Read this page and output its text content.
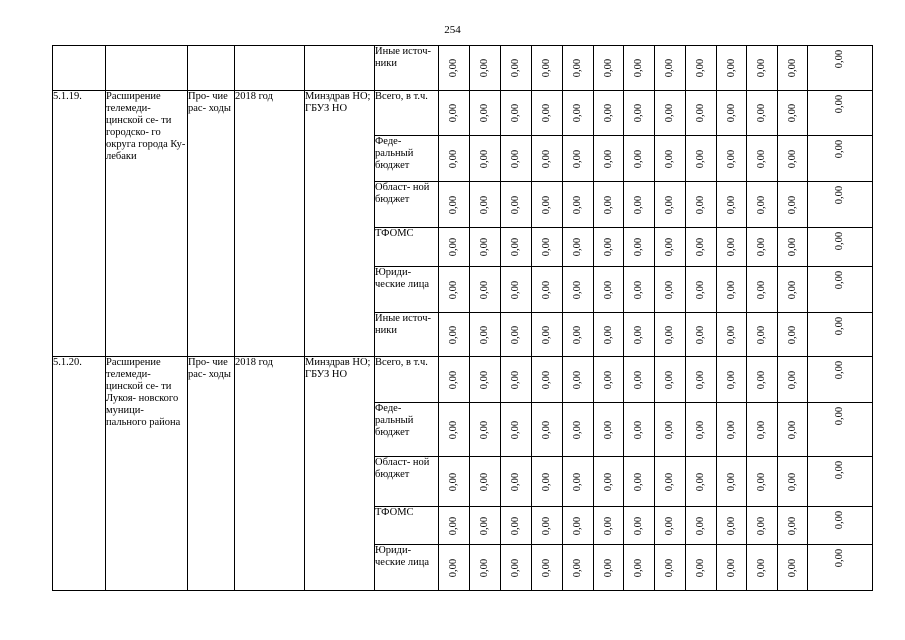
254
					Иные источ- ники	0,00	0,00	0,00	0,00	0,00	0,00	0,00	0,00	0,00	0,00	0,00	0,00	0,00

5.1.19.	Расширение телемеди- цинской се- ти городско- го округа города Ку- лебаки	Про- чие рас- ходы	2018 год	Минздрав НО; ГБУЗ НО	Всего, в т.ч.	0,00	0,00	0,00	0,00	0,00	0,00	0,00	0,00	0,00	0,00	0,00	0,00	0,00

					Феде- ральный бюджет	0,00	0,00	0,00	0,00	0,00	0,00	0,00	0,00	0,00	0,00	0,00	0,00	0,00

					Област- ной бюджет	0,00	0,00	0,00	0,00	0,00	0,00	0,00	0,00	0,00	0,00	0,00	0,00	0,00

					ТФОМС	0,00	0,00	0,00	0,00	0,00	0,00	0,00	0,00	0,00	0,00	0,00	0,00	0,00

					Юриди- ческие лица	0,00	0,00	0,00	0,00	0,00	0,00	0,00	0,00	0,00	0,00	0,00	0,00	0,00

					Иные источ- ники	0,00	0,00	0,00	0,00	0,00	0,00	0,00	0,00	0,00	0,00	0,00	0,00	0,00

5.1.20.	Расширение телемеди- цинской се- ти Лукоя- новского муници- пального района	Про- чие рас- ходы	2018 год	Минздрав НО; ГБУЗ НО	Всего, в т.ч.	0,00	0,00	0,00	0,00	0,00	0,00	0,00	0,00	0,00	0,00	0,00	0,00	0,00

					Феде- ральный бюджет	0,00	0,00	0,00	0,00	0,00	0,00	0,00	0,00	0,00	0,00	0,00	0,00	0,00

					Област- ной бюджет	0,00	0,00	0,00	0,00	0,00	0,00	0,00	0,00	0,00	0,00	0,00	0,00	0,00

					ТФОМС	0,00	0,00	0,00	0,00	0,00	0,00	0,00	0,00	0,00	0,00	0,00	0,00	0,00

					Юриди- ческие лица	0,00	0,00	0,00	0,00	0,00	0,00	0,00	0,00	0,00	0,00	0,00	0,00	0,00
